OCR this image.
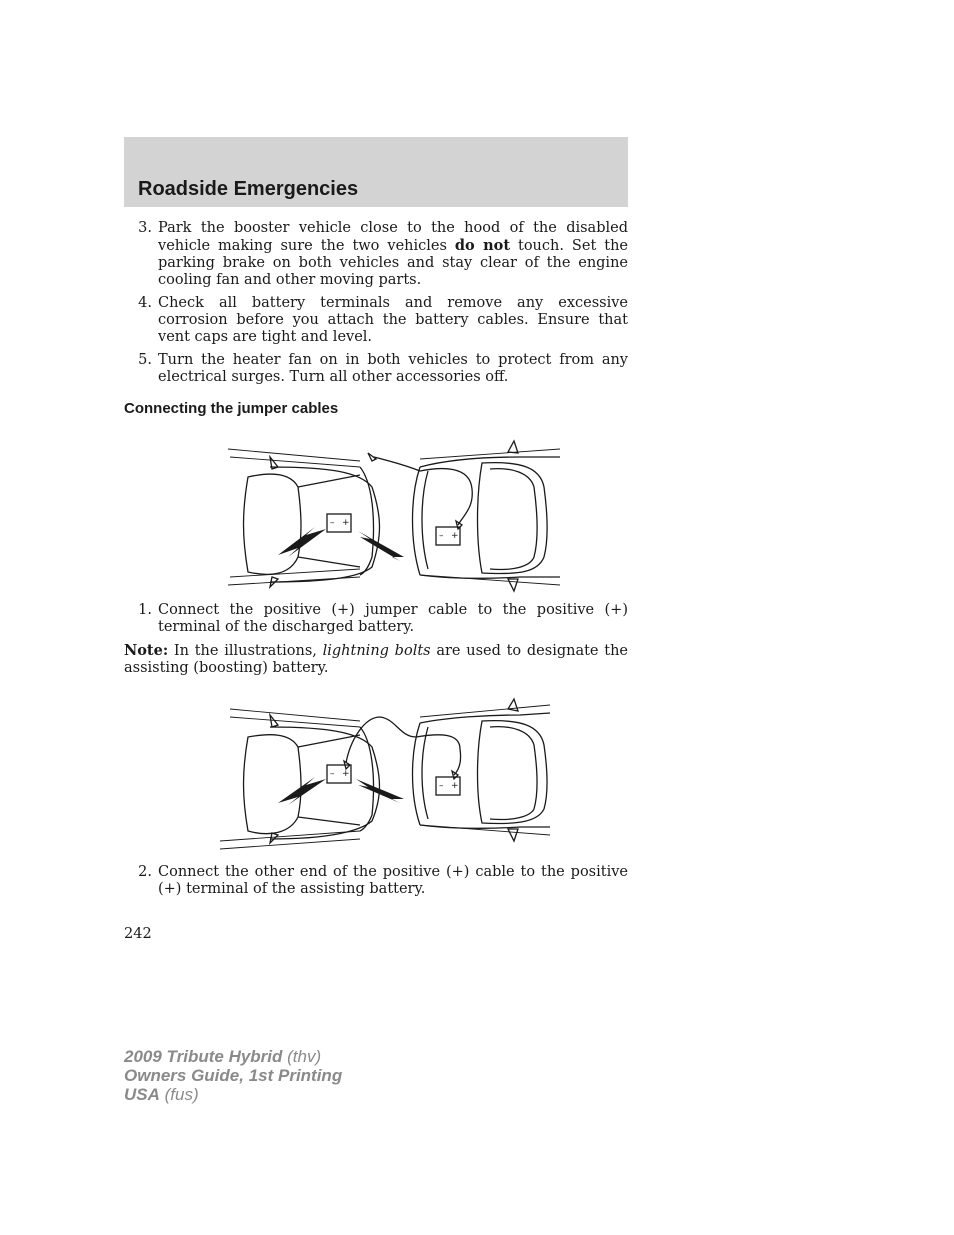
Roadside Emergencies
3. Park the booster vehicle close to the hood of the disabled vehicle making sure the two vehicles do not touch. Set the parking brake on both vehicles and stay clear of the engine cooling fan and other moving parts.
4. Check all battery terminals and remove any excessive corrosion before you attach the battery cables. Ensure that vent caps are tight and level.
5. Turn the heater fan on in both vehicles to protect from any electrical surges. Turn all other accessories off.
Connecting the jumper cables
– +
– +
1. Connect the positive (+) jumper cable to the positive (+) terminal of the discharged battery.

Note: In the illustrations, lightning bolts are used to designate the assisting (boosting) battery.

– +
– +
2. Connect the other end of the positive (+) cable to the positive (+) terminal of the assisting battery.
242
2009 Tribute Hybrid (thv)
Owners Guide, 1st Printing
USA (fus)
